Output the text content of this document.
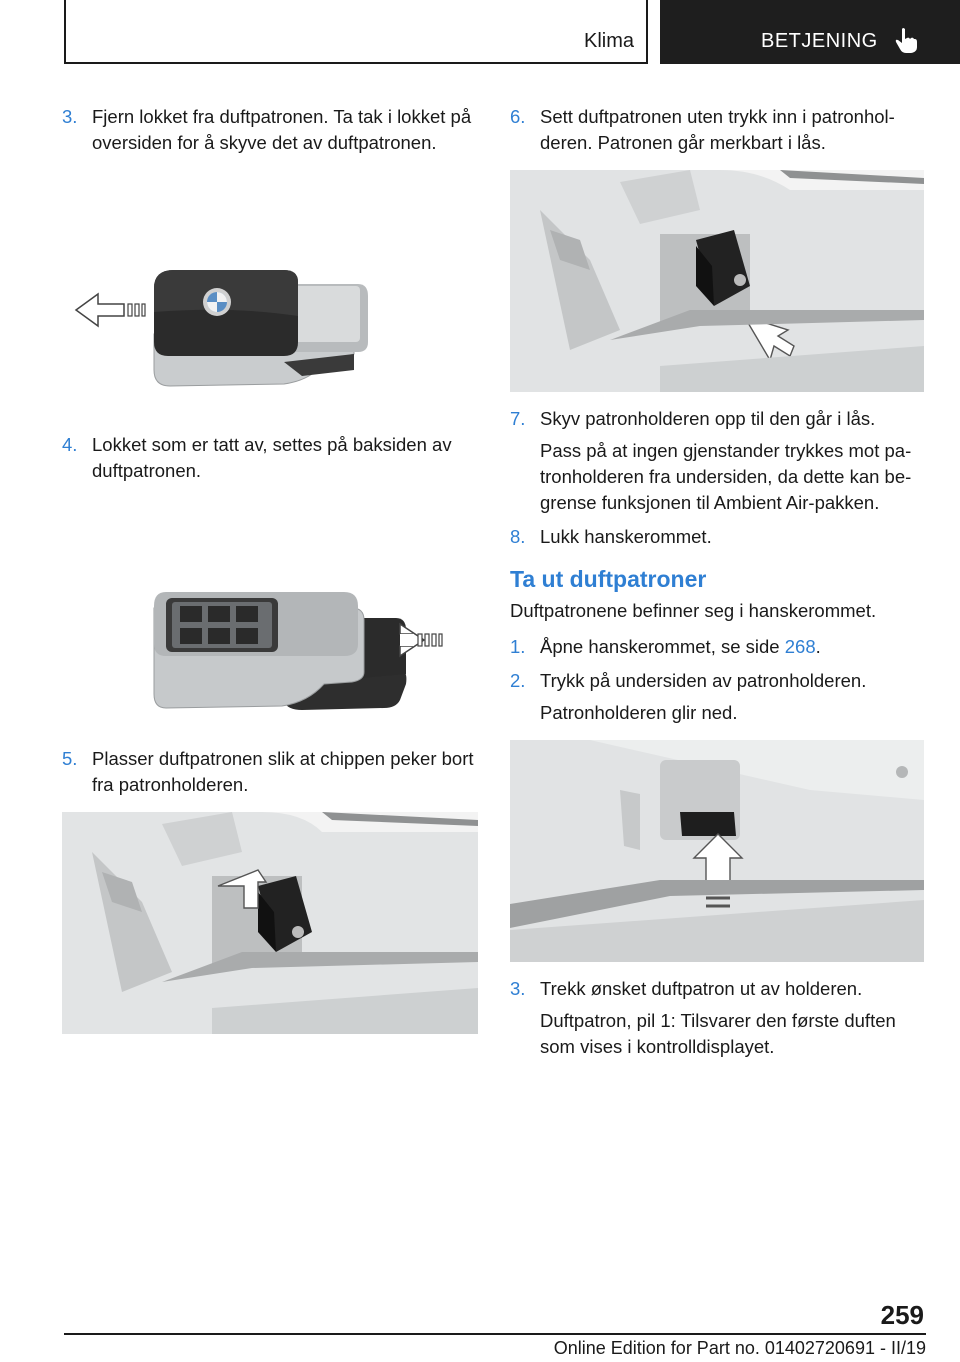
Klima	BETJENING
3. Fjern lokket fra duftpatronen. Ta tak i lokket på oversiden for å skyve det av duftpatronen.
4. Lokket som er tatt av, settes på baksiden av duftpatronen.
5. Plasser duftpatronen slik at chippen peker bort fra patronholderen.
6. Sett duftpatronen uten trykk inn i patronhol-deren. Patronen går merkbart i lås.
7. Skyv patronholderen opp til den går i lås.
Pass på at ingen gjenstander trykkes mot pa-tronholderen fra undersiden, da dette kan be-grense funksjonen til Ambient Air-pakken.
8. Lukk hanskerommet.
Ta ut duftpatroner
Duftpatronene befinner seg i hanskerommet.
1. Åpne hanskerommet, se side 268.
2. Trykk på undersiden av patronholderen.
Patronholderen glir ned.
3. Trekk ønsket duftpatron ut av holderen.
Duftpatron, pil 1: Tilsvarer den første duften som vises i kontrolldisplayet.
259
Online Edition for Part no. 01402720691 - II/19
